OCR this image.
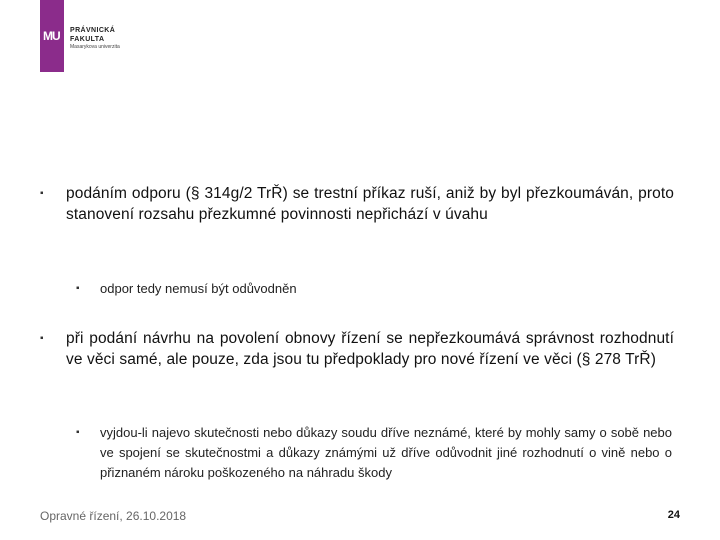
MU PRÁVNICKÁ
FAKULTA
Masarykova univerzita
▪	podáním odporu (§ 314g/2 TrŘ) se trestní příkaz ruší, aniž by byl přezkoumáván, proto stanovení rozsahu přezkumné povinnosti nepřichází v úvahu
▪	odpor tedy nemusí být odůvodněn
▪	při podání návrhu na povolení obnovy řízení se nepřezkoumává správnost rozhodnutí ve věci samé, ale pouze, zda jsou tu předpoklady pro nové řízení ve věci (§ 278 TrŘ)
▪	vyjdou-li najevo skutečnosti nebo důkazy soudu dříve neznámé, které by mohly samy o sobě nebo ve spojení se skutečnostmi a důkazy známými už dříve odůvodnit jiné rozhodnutí o vině nebo o přiznaném nároku poškozeného na náhradu škody
Opravné řízení, 26.10.2018	24
